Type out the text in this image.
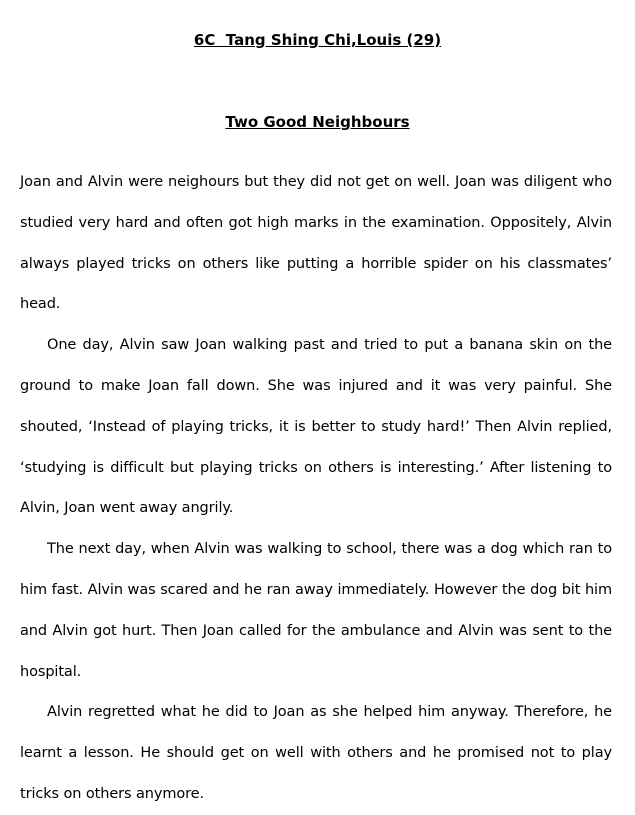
6C  Tang Shing Chi,Louis (29)
Two Good Neighbours

Joan and Alvin were neighours but they did not get on well. Joan was diligent who studied very hard and often got high marks in the examination. Oppositely, Alvin always played tricks on others like putting a horrible spider on his classmates’ head.

One day, Alvin saw Joan walking past and tried to put a banana skin on the ground to make Joan fall down. She was injured and it was very painful. She shouted, ‘Instead of playing tricks, it is better to study hard!’ Then Alvin replied, ‘studying is difficult but playing tricks on others is interesting.’ After listening to Alvin, Joan went away angrily.

The next day, when Alvin was walking to school, there was a dog which ran to him fast. Alvin was scared and he ran away immediately. However the dog bit him and Alvin got hurt. Then Joan called for the ambulance and Alvin was sent to the hospital.

Alvin regretted what he did to Joan as she helped him anyway. Therefore, he learnt a lesson. He should get on well with others and he promised not to play tricks on others anymore.
